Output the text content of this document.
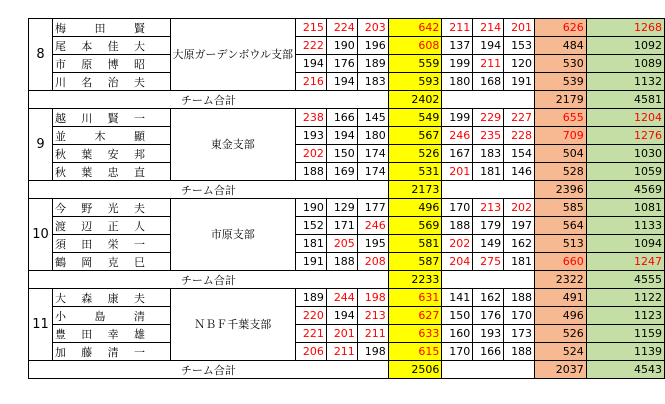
8	梅田賢	大原ガーデンボウル支部	215	224	203	642	211	214	201	626	1268
	尾本佳大		222	190	196	608	137	194	153	484	1092
	市原博昭		194	176	189	559	199	211	120	530	1089
	川名治夫		216	194	183	593	180	168	191	539	1132
チーム合計						2402				2179	4581
9	越川賢一	東金支部	238	166	145	549	199	229	227	655	1204
	並木顯		193	194	180	567	246	235	228	709	1276
	秋葉安邦		202	150	174	526	167	183	154	504	1030
	秋葉忠直		188	169	174	531	201	181	146	528	1059
チーム合計						2173				2396	4569
10	今野光夫	市原支部	190	129	177	496	170	213	202	585	1081
	渡辺正人		152	171	246	569	188	179	197	564	1133
	須田栄一		181	205	195	581	202	149	162	513	1094
	鶴岡克巳		191	188	208	587	204	275	181	660	1247
チーム合計						2233				2322	4555
11	大森康夫	ＮＢＦ千葉支部	189	244	198	631	141	162	188	491	1122
	小島清		220	194	213	627	150	176	170	496	1123
	豊田幸雄		221	201	211	633	160	193	173	526	1159
	加藤清一		206	211	198	615	170	166	188	524	1139
チーム合計						2506				2037	4543
